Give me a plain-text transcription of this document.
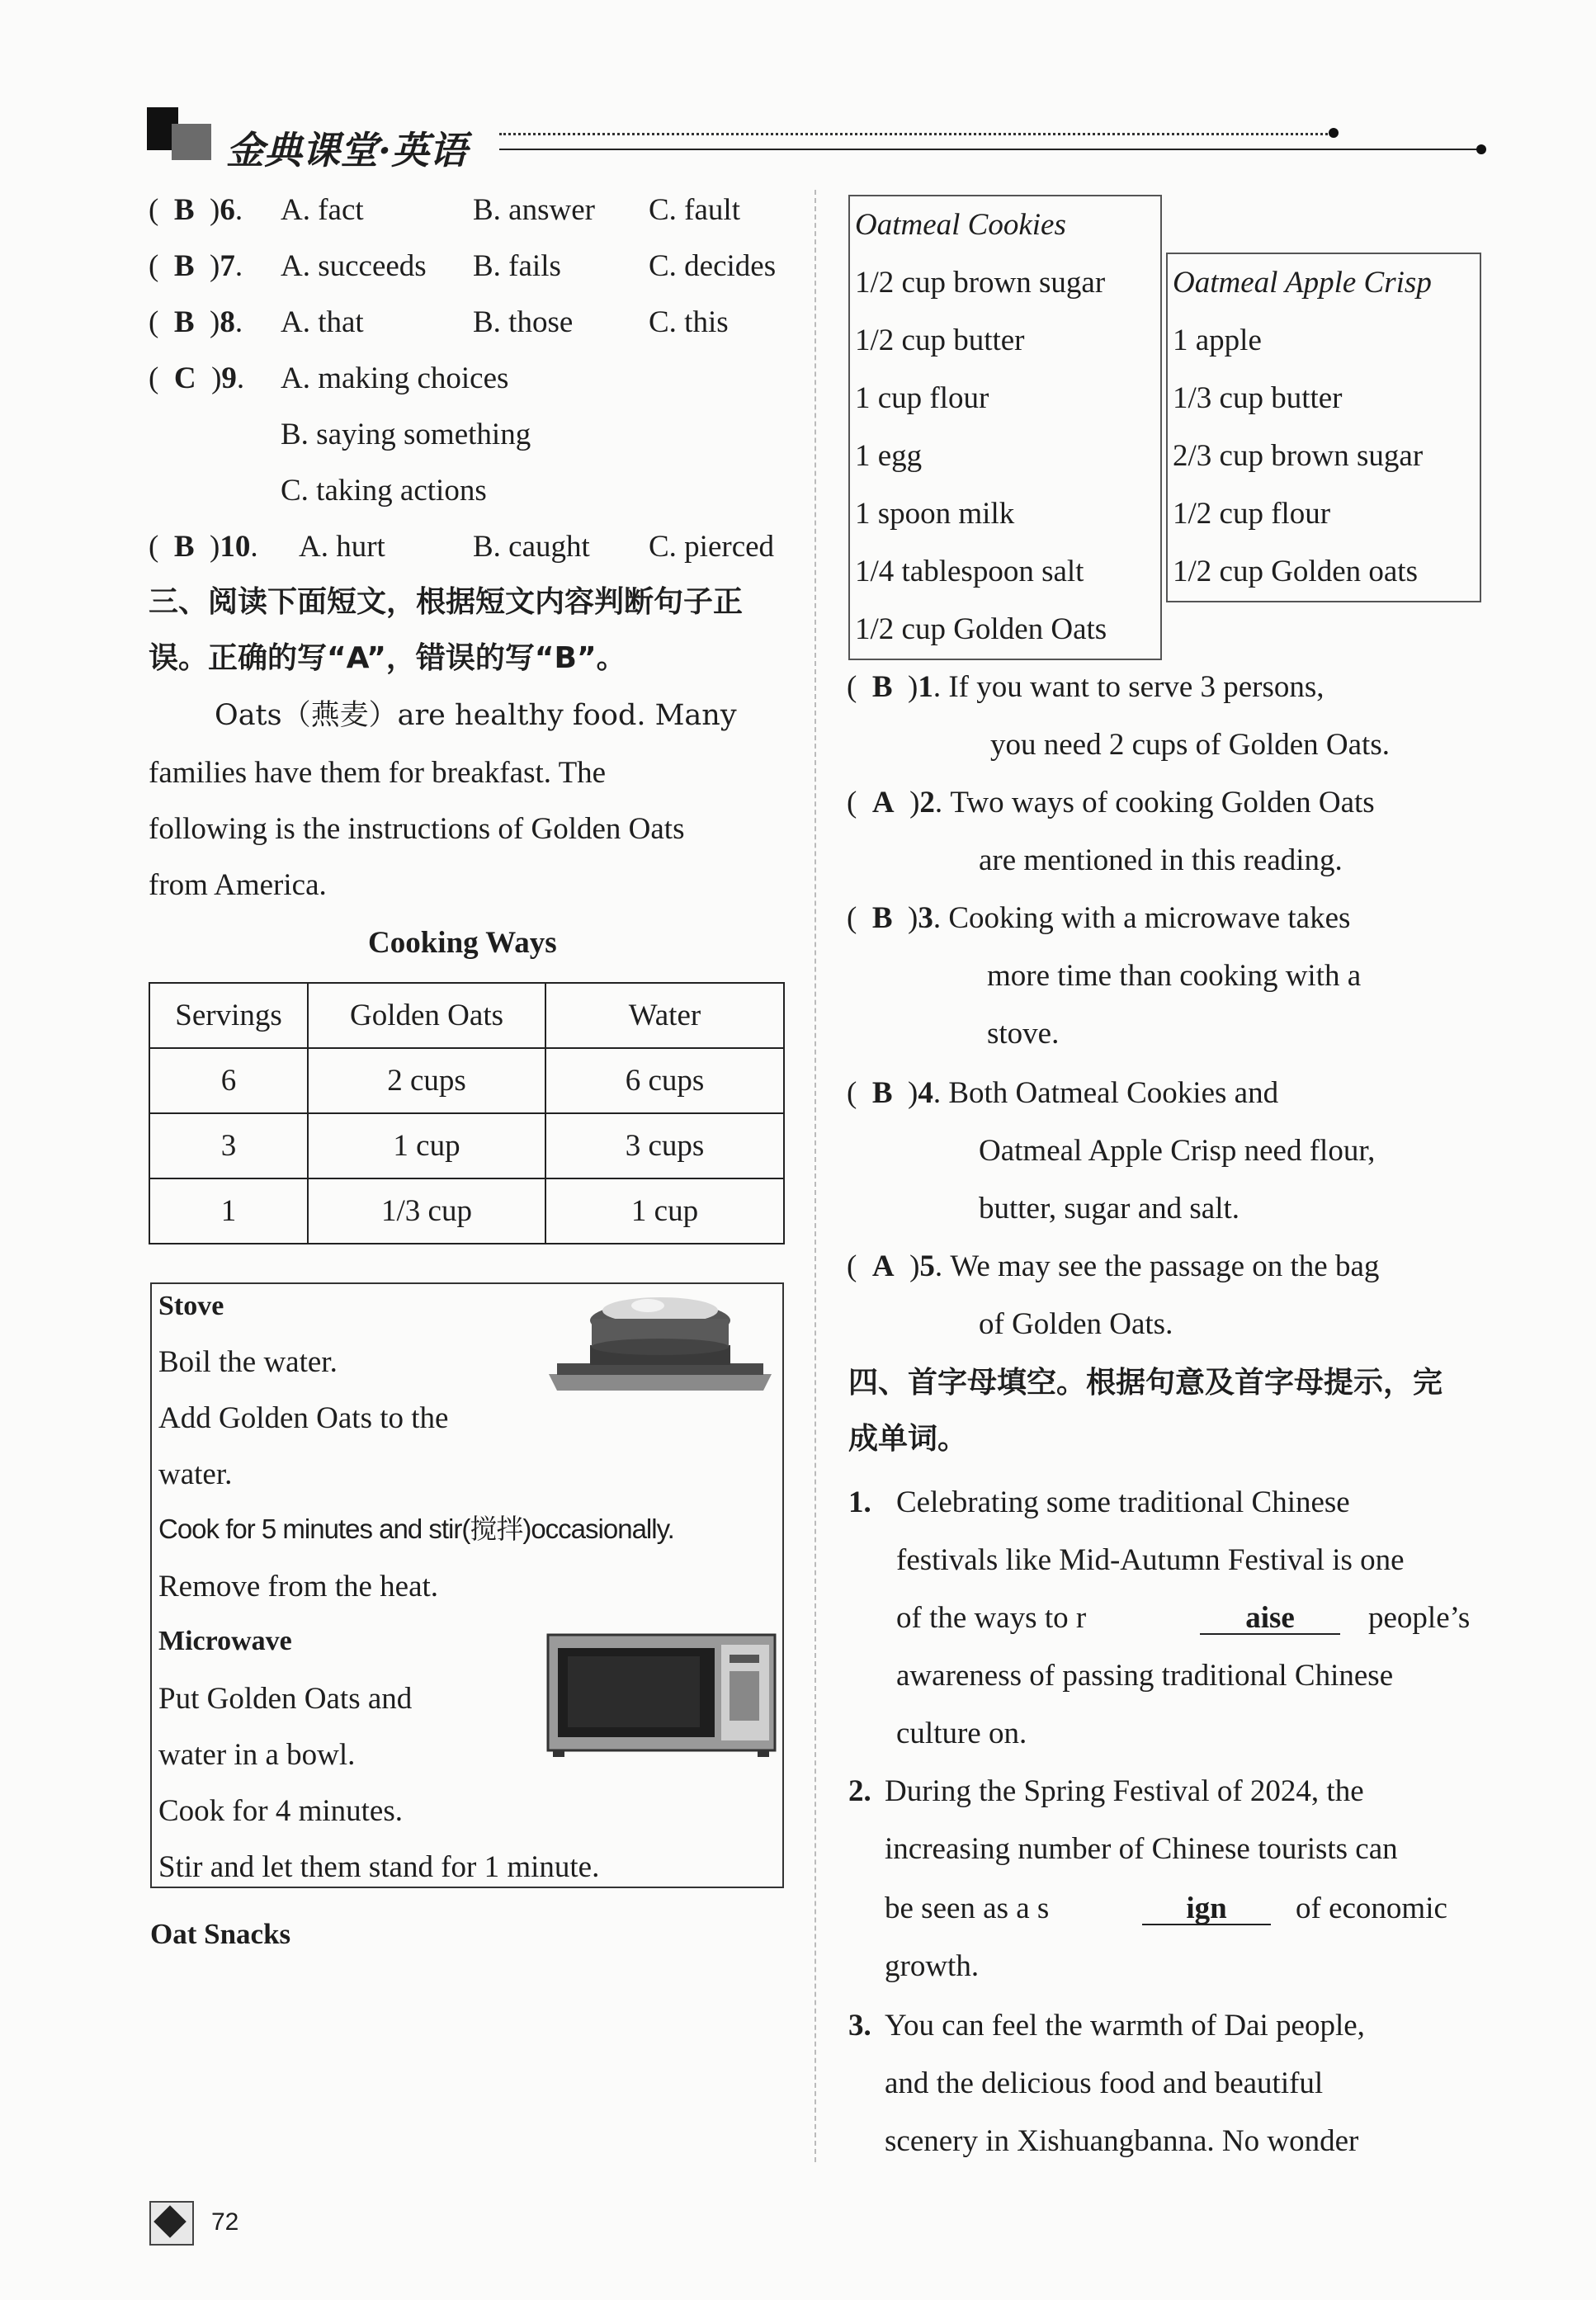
金典课堂·英语
(  B  )6. A. fact	B. answer C. fault
(  B  )7. A. succeeds B. fails	C. decides
(  B  )8. A. that	B. those C. this
(  C  )9. A. making choices
B. saying something
C. taking actions
(  B  )10. A. hurt	B. caught C. pierced
三、阅读下面短文，根据短文内容判断句子正
误。正确的写“A”，错误的写“B”。
Oats（燕麦）are healthy food. Many
families have them for breakfast. The
following is the instructions of Golden Oats
from America.
Cooking Ways
Servings	Golden Oats	Water
6	2 cups	6 cups
3	1 cup	3 cups
1	1/3 cup	1 cup
Stove
Boil the water.
Add Golden Oats to the
water.
Cook for 5 minutes and stir(搅拌)occasionally.
Remove from the heat.
Microwave
Put Golden Oats and
water in a bowl.
Cook for 4 minutes.
Stir and let them stand for 1 minute.
Oat Snacks
Oatmeal Cookies
1/2 cup brown sugar
1/2 cup butter
1 cup flour
1 egg
1 spoon milk
1/4 tablespoon salt
1/2 cup Golden Oats
Oatmeal Apple Crisp
1 apple
1/3 cup butter
2/3 cup brown sugar
1/2 cup flour
1/2 cup Golden oats
(  B  )1. If you want to serve 3 persons,
you need 2 cups of Golden Oats.
(  A  )2. Two ways of cooking Golden Oats
are mentioned in this reading.
(  B  )3. Cooking with a microwave takes
more time than cooking with a
stove.
(  B  )4. Both Oatmeal Cookies and
Oatmeal Apple Crisp need flour,
butter, sugar and salt.
(  A  )5. We may see the passage on the bag
of Golden Oats.
四、首字母填空。根据句意及首字母提示，完
成单词。
1. Celebrating some traditional Chinese
festivals like Mid-Autumn Festival is one
of the ways to r	aise	people’s
awareness of passing traditional Chinese
culture on.
2. During the Spring Festival of 2024, the
increasing number of Chinese tourists can
be seen as a s	ign	of economic
growth.
3. You can feel the warmth of Dai people,
and the delicious food and beautiful
scenery in Xishuangbanna. No wonder
72
